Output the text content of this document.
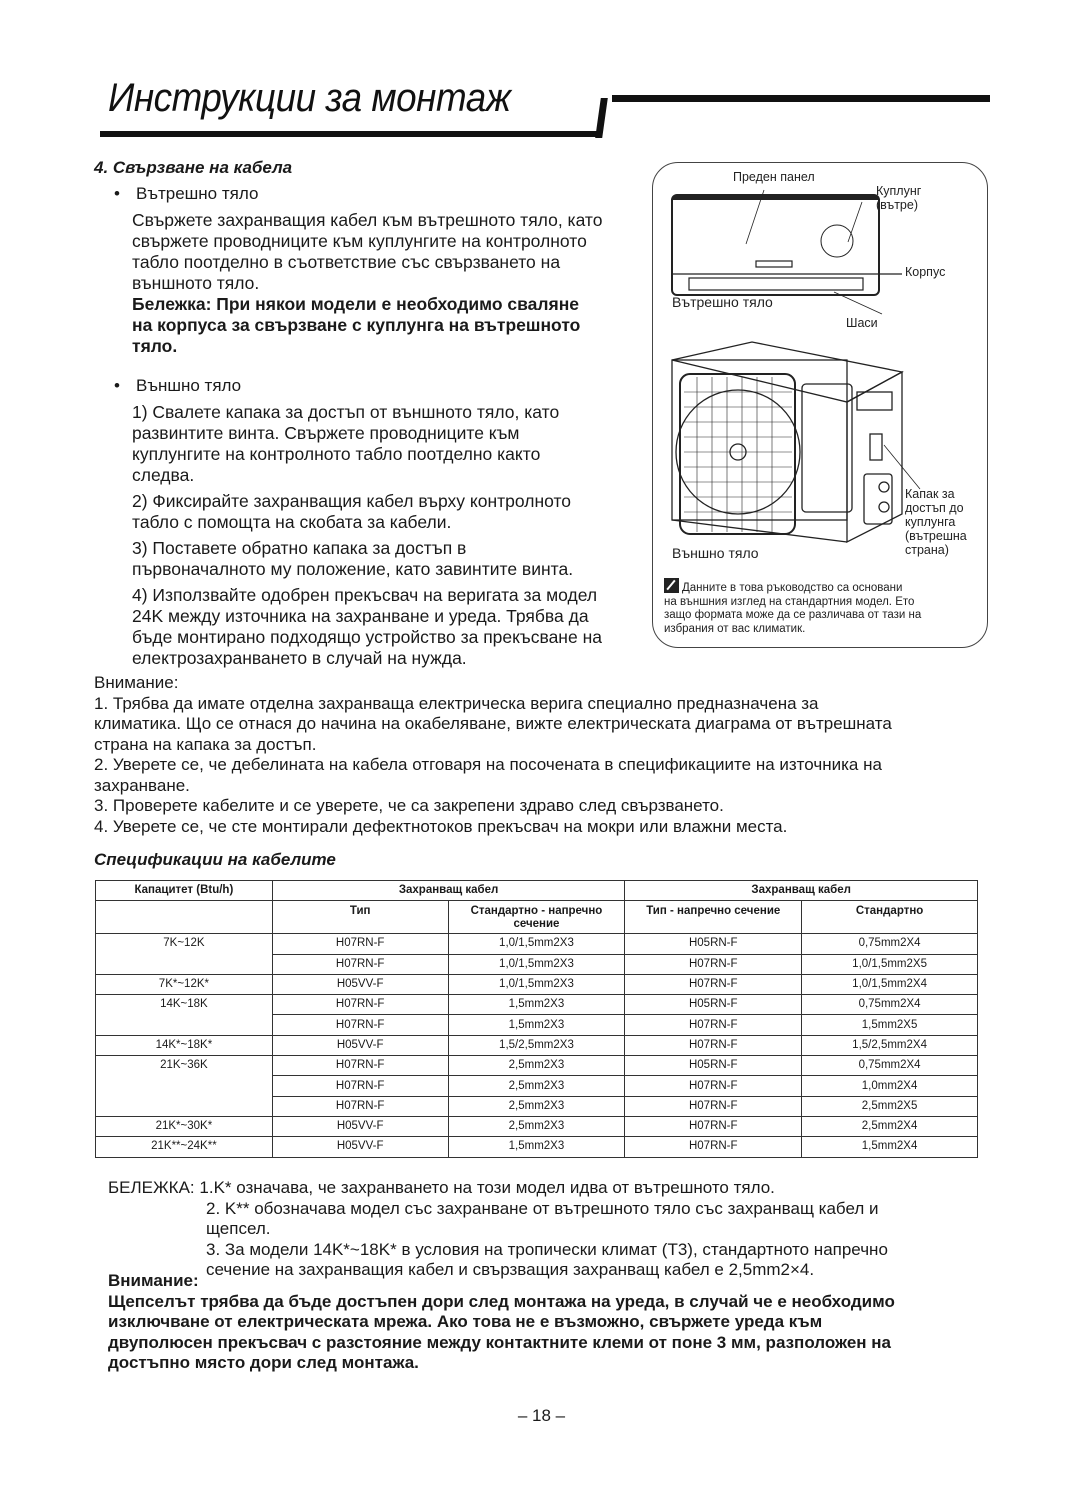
Инструкции за монтаж
4. Свързване на кабела
• Вътрешно тяло
Свържете захранващия кабел към вътрешното тяло, като
свържете проводниците към куплунгите на контролното
табло поотделно в съответствие със свързването на
външното тяло.
Бележка: При някои модели е необходимо сваляне
на корпуса за свързване с куплунга на вътрешното
тяло.
• Външно тяло
1) Свалете капака за достъп от външното тяло, като
развинтите винта. Свържете проводниците към
куплунгите на контролното табло поотделно както
следва.
2) Фиксирайте захранващия кабел върху контролното
табло с помощта на скобата за кабели.
3) Поставете обратно капака за достъп в
първоначалното му положение, като завинтите винта.
4) Използвайте одобрен прекъсвач на веригата за модел
24K между източника на захранване и уреда. Трябва да
бъде монтирано подходящо устройство за прекъсване на
електрозахранването в случай на нужда.
Преден панел
Куплунг
(вътре)
Корпус
Вътрешно тяло
Шаси
Капак за
достъп до
куплунга
(вътрешна
страна)
Външно тяло
Данните в това ръководство са основани
на външния изглед на стандартния модел. Ето
защо формата може да се различава от тази на
избрания от вас климатик.
Внимание:
1. Трябва да имате отделна захранваща електрическа верига специално предназначена за
климатика. Що се отнася до начина на окабеляване, вижте електрическата диаграма от вътрешната
страна на капака за достъп.
2. Уверете се, че дебелината на кабела отговаря на посочената в спецификациите на източника на
захранване.
3. Проверете кабелите и се уверете, че са закрепени здраво след свързването.
4. Уверете се, че сте монтирали дефектнотоков прекъсвач на мокри или влажни места.
Спецификации на кабелите
Капацитет (Btu/h)	Захранващ кабел		Захранващ кабел	
	Тип	Стандартно - напречно сечение	Тип - напречно сечение	Стандартно
7K~12K	H07RN-F	1,0/1,5mm2X3	H05RN-F	0,75mm2X4
	H07RN-F	1,0/1,5mm2X3	H07RN-F	1,0/1,5mm2X5
7K*~12K*	H05VV-F	1,0/1,5mm2X3	H07RN-F	1,0/1,5mm2X4
14K~18K	H07RN-F	1,5mm2X3	H05RN-F	0,75mm2X4
	H07RN-F	1,5mm2X3	H07RN-F	1,5mm2X5
14K*~18K*	H05VV-F	1,5/2,5mm2X3	H07RN-F	1,5/2,5mm2X4
21K~36K	H07RN-F	2,5mm2X3	H05RN-F	0,75mm2X4
	H07RN-F	2,5mm2X3	H07RN-F	1,0mm2X4
	H07RN-F	2,5mm2X3	H07RN-F	2,5mm2X5
21K*~30K*	H05VV-F	2,5mm2X3	H07RN-F	2,5mm2X4
21K**~24K**	H05VV-F	1,5mm2X3	H07RN-F	1,5mm2X4
БЕЛЕЖКА: 1.K* означава, че захранването на този модел идва от вътрешното тяло.
2. K** обозначава модел със захранване от вътрешното тяло със захранващ кабел и
щепсел.
3. За модели 14K*~18K* в условия на тропически климат (T3), стандартното напречно
сечение на захранващия кабел и свързващия захранващ кабел е 2,5mm2×4.
Внимание:
Щепселът трябва да бъде достъпен дори след монтажа на уреда, в случай че е необходимо
изключване от електрическата мрежа. Ако това не е възможно, свържете уреда към
двуполюсен прекъсвач с разстояние между контактните клеми от поне 3 мм, разположен на
достъпно място дори след монтажа.
– 18 –
